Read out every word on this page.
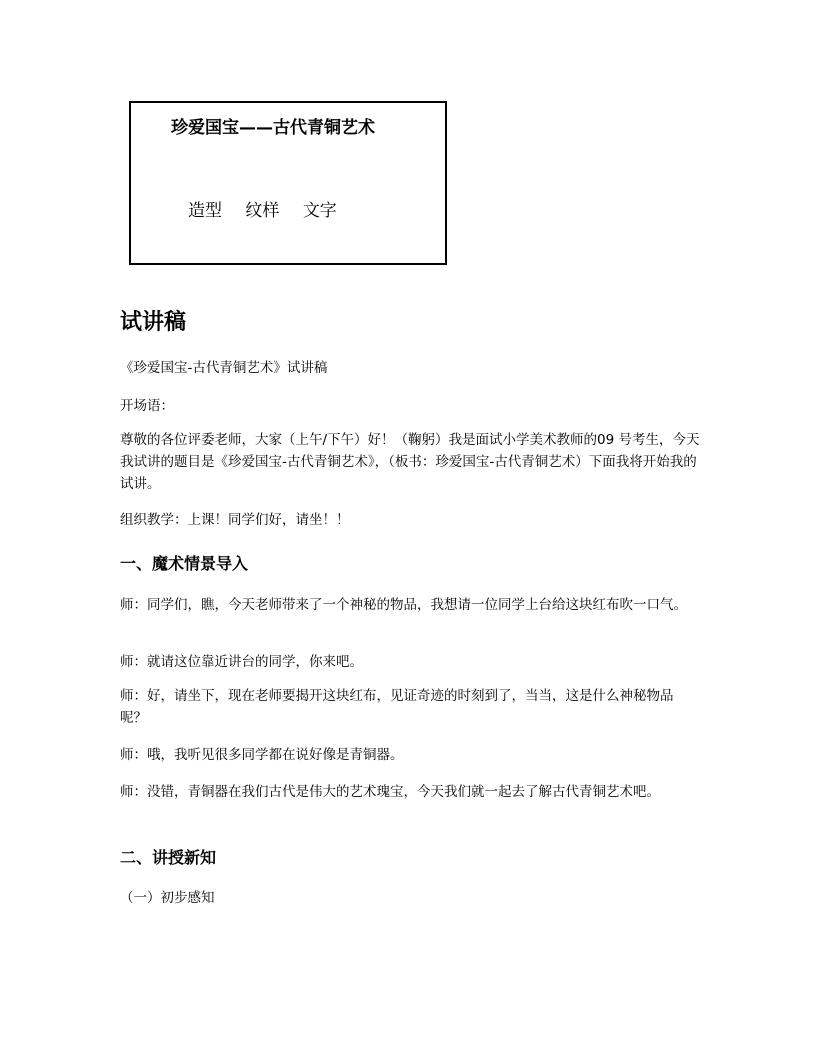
珍爱国宝——古代青铜艺术
造型 纹样 文字
试讲稿
《珍爱国宝-古代青铜艺术》试讲稿
开场语：
尊敬的各位评委老师，大家（上午/下午）好！（鞠躬）我是面试小学美术教师的09 号考生，今天我试讲的题目是《珍爱国宝-古代青铜艺术》，（板书：珍爱国宝-古代青铜艺术）下面我将开始我的试讲。
组织教学：上课！同学们好，请坐！！
一、魔术情景导入
师：同学们，瞧，今天老师带来了一个神秘的物品，我想请一位同学上台给这块红布吹一口气。
师：就请这位靠近讲台的同学，你来吧。
师：好，请坐下，现在老师要揭开这块红布，见证奇迹的时刻到了，当当，这是什么神秘物品呢？
师：哦，我听见很多同学都在说好像是青铜器。
师：没错，青铜器在我们古代是伟大的艺术瑰宝，今天我们就一起去了解古代青铜艺术吧。
二、讲授新知
（一）初步感知
